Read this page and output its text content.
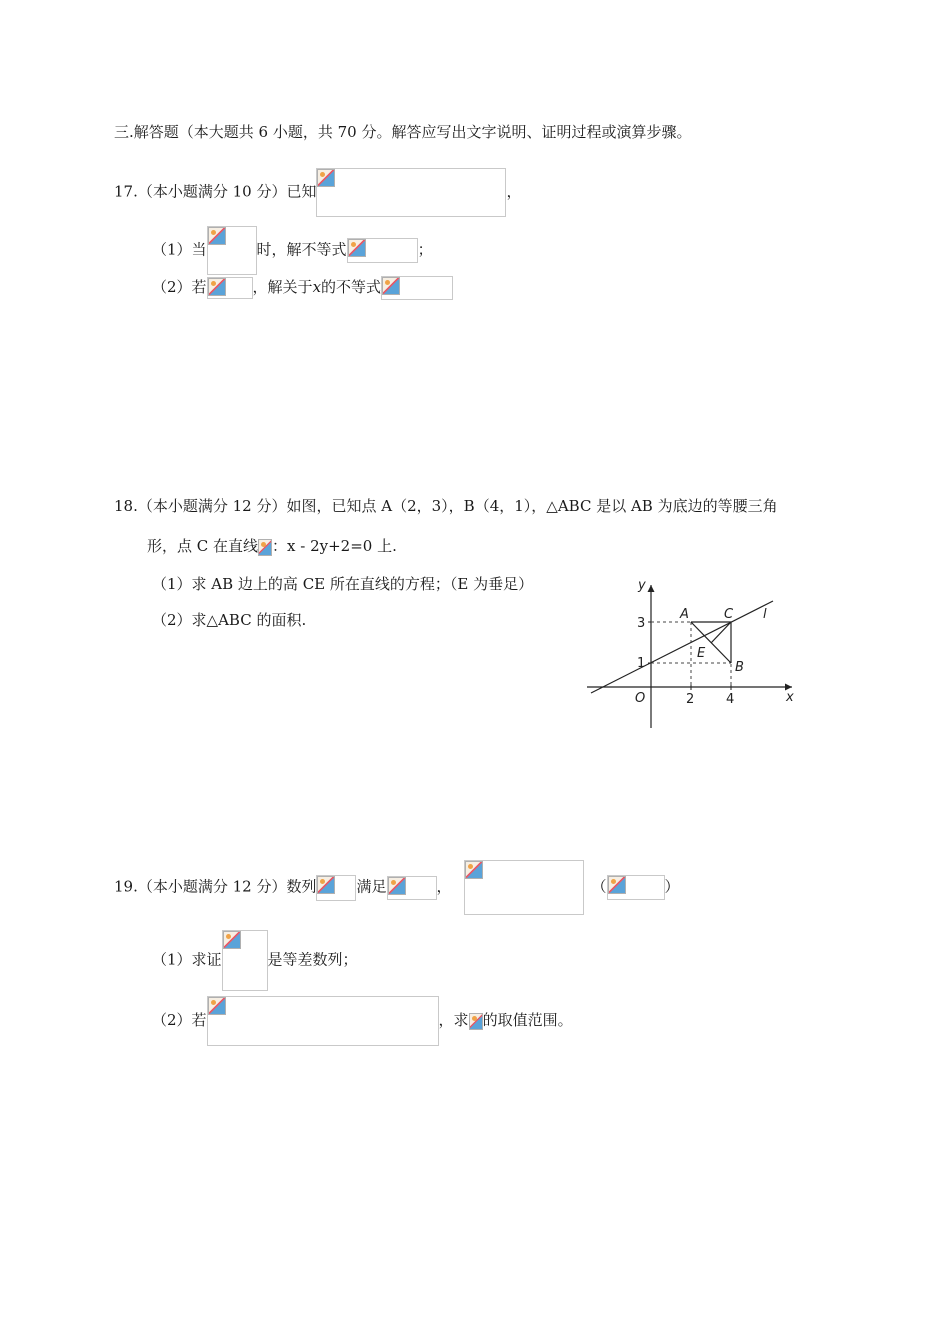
三.解答题（本大题共 6 小题，共 70 分。解答应写出文字说明、证明过程或演算步骤。
17.（本小题满分 10 分）已知	，
（1）当	时，解不等式	；
（2）若	，解关于x的不等式
18.（本小题满分 12 分）如图，已知点 A（2，3），B（4，1），△ABC 是以 AB 为底边的等腰三角
形，点 C 在直线 ：x - 2y+2=0 上.
（1）求 AB 边上的高 CE 所在直线的方程；（E 为垂足）
（2）求△ABC 的面积.
x
y
O	2 4
1
3
A	C
B
E
l
19.（本小题满分 12 分）数列	满足	，	（	）
（1）求证	是等差数列；
（2）若	，求 的取值范围。
